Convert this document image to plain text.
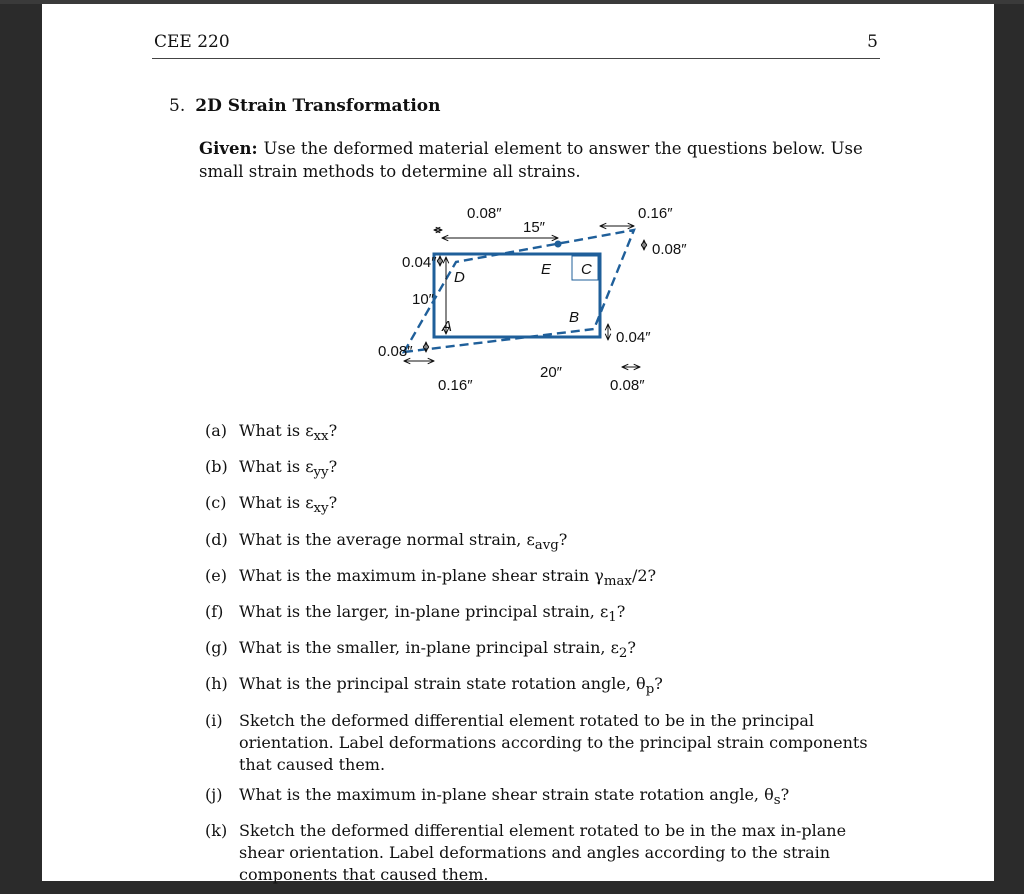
CEE 220	5
5. 2D Strain Transformation
Given: Use the deformed material element to answer the questions below. Use small strain methods to determine all strains.
A
B
C
D	E
0.08″
15″
0.16″
0.08″
0.04″
0.04″
10″
0.08″
0.16″
20″
0.08″
(a) What is $\varepsilon_{xx}$?
(b) What is $\varepsilon_{yy}$?
(c) What is $\varepsilon_{xy}$?
(d) What is the average normal strain, $\varepsilon_{avg}$?
(e) What is the maximum in-plane shear strain $\gamma_{max}/2$?
(f) What is the larger, in-plane principal strain, $\varepsilon_1$?
(g) What is the smaller, in-plane principal strain, $\varepsilon_2$?
(h) What is the principal strain state rotation angle, $\theta_p$?
(i) Sketch the deformed differential element rotated to be in the principal orientation. Label deformations according to the principal strain components that caused them.
(j) What is the maximum in-plane shear strain state rotation angle, $\theta_s$?
(k) Sketch the deformed differential element rotated to be in the max in-plane shear orientation. Label deformations and angles according to the strain components that caused them.
